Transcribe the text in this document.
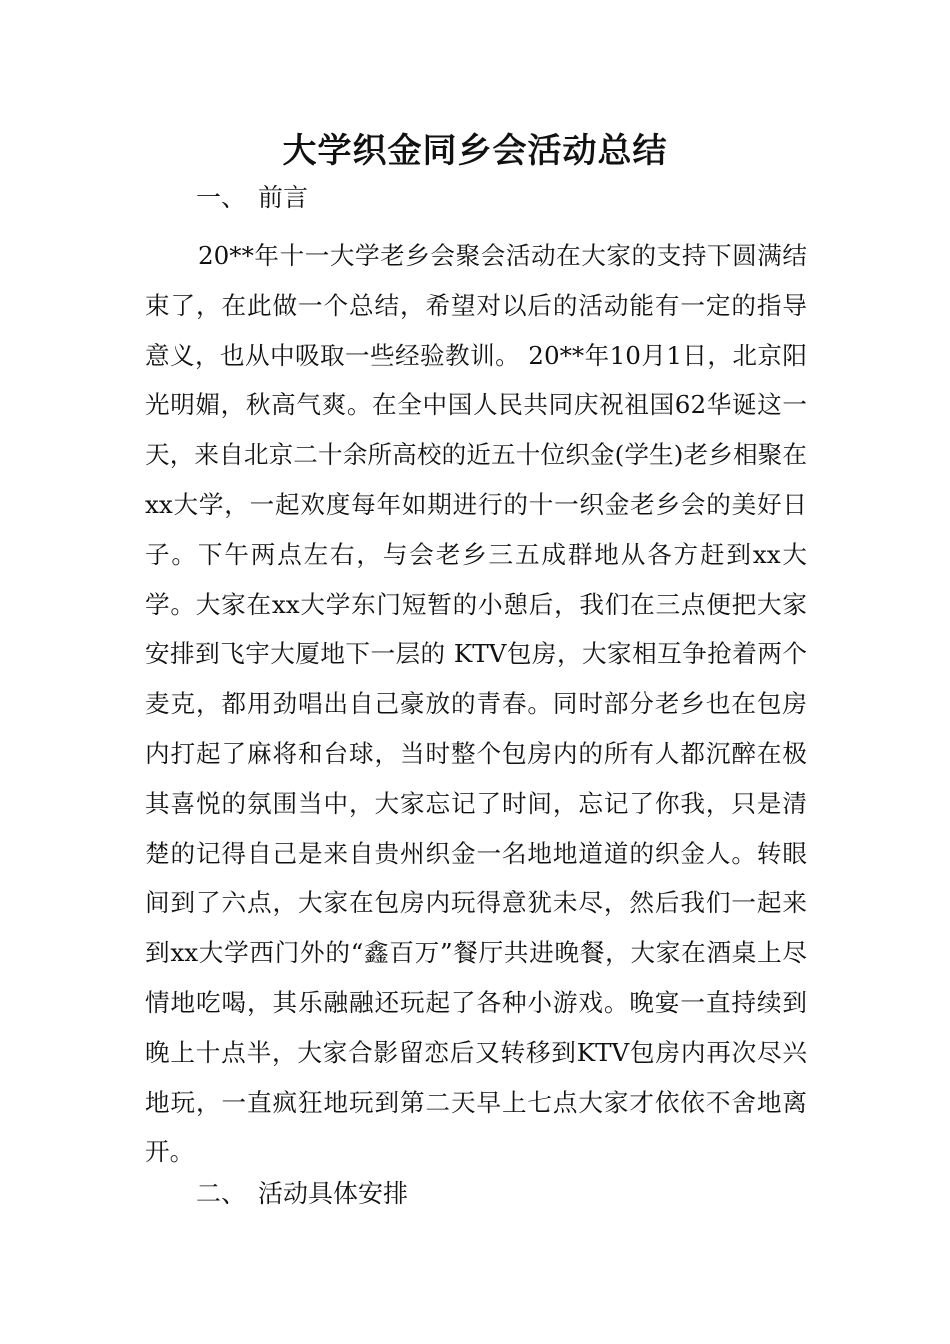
大学织金同乡会活动总结
一、 前言
20**年十一大学老乡会聚会活动在大家的支持下圆满结束了，在此做一个总结，希望对以后的活动能有一定的指导意义，也从中吸取一些经验教训。 20**年10月1日，北京阳光明媚，秋高气爽。在全中国人民共同庆祝祖国62华诞这一天，来自北京二十余所高校的近五十位织金(学生)老乡相聚在xx大学，一起欢度每年如期进行的十一织金老乡会的美好日子。下午两点左右，与会老乡三五成群地从各方赶到xx大学。大家在xx大学东门短暂的小憩后，我们在三点便把大家安排到飞宇大厦地下一层的 KTV包房，大家相互争抢着两个麦克，都用劲唱出自己豪放的青春。同时部分老乡也在包房内打起了麻将和台球，当时整个包房内的所有人都沉醉在极其喜悦的氛围当中，大家忘记了时间，忘记了你我，只是清楚的记得自己是来自贵州织金一名地地道道的织金人。转眼间到了六点，大家在包房内玩得意犹未尽，然后我们一起来到xx大学西门外的“鑫百万”餐厅共进晚餐，大家在酒桌上尽情地吃喝，其乐融融还玩起了各种小游戏。晚宴一直持续到晚上十点半，大家合影留恋后又转移到KTV包房内再次尽兴地玩，一直疯狂地玩到第二天早上七点大家才依依不舍地离开。
二、 活动具体安排
